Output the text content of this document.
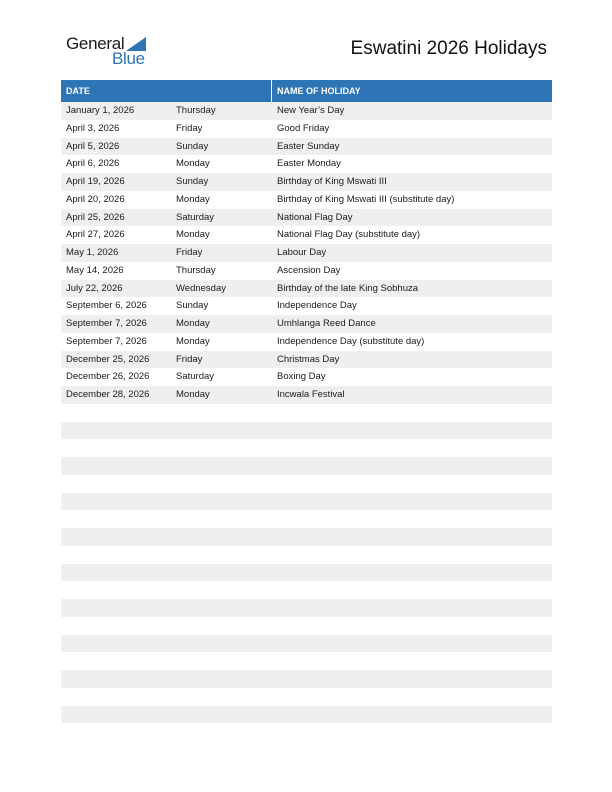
General
Blue	Eswatini 2026 Holidays
DATE	NAME OF HOLIDAY
January 1, 2026	Thursday	New Year’s Day
April 3, 2026	Friday	Good Friday
April 5, 2026	Sunday	Easter Sunday
April 6, 2026	Monday	Easter Monday
April 19, 2026	Sunday	Birthday of King Mswati III
April 20, 2026	Monday	Birthday of King Mswati III (substitute day)
April 25, 2026	Saturday	National Flag Day
April 27, 2026	Monday	National Flag Day (substitute day)
May 1, 2026	Friday	Labour Day
May 14, 2026	Thursday	Ascension Day
July 22, 2026	Wednesday	Birthday of the late King Sobhuza
September 6, 2026	Sunday	Independence Day
September 7, 2026	Monday	Umhlanga Reed Dance
September 7, 2026	Monday	Independence Day (substitute day)
December 25, 2026	Friday	Christmas Day
December 26, 2026	Saturday	Boxing Day
December 28, 2026	Monday	Incwala Festival
